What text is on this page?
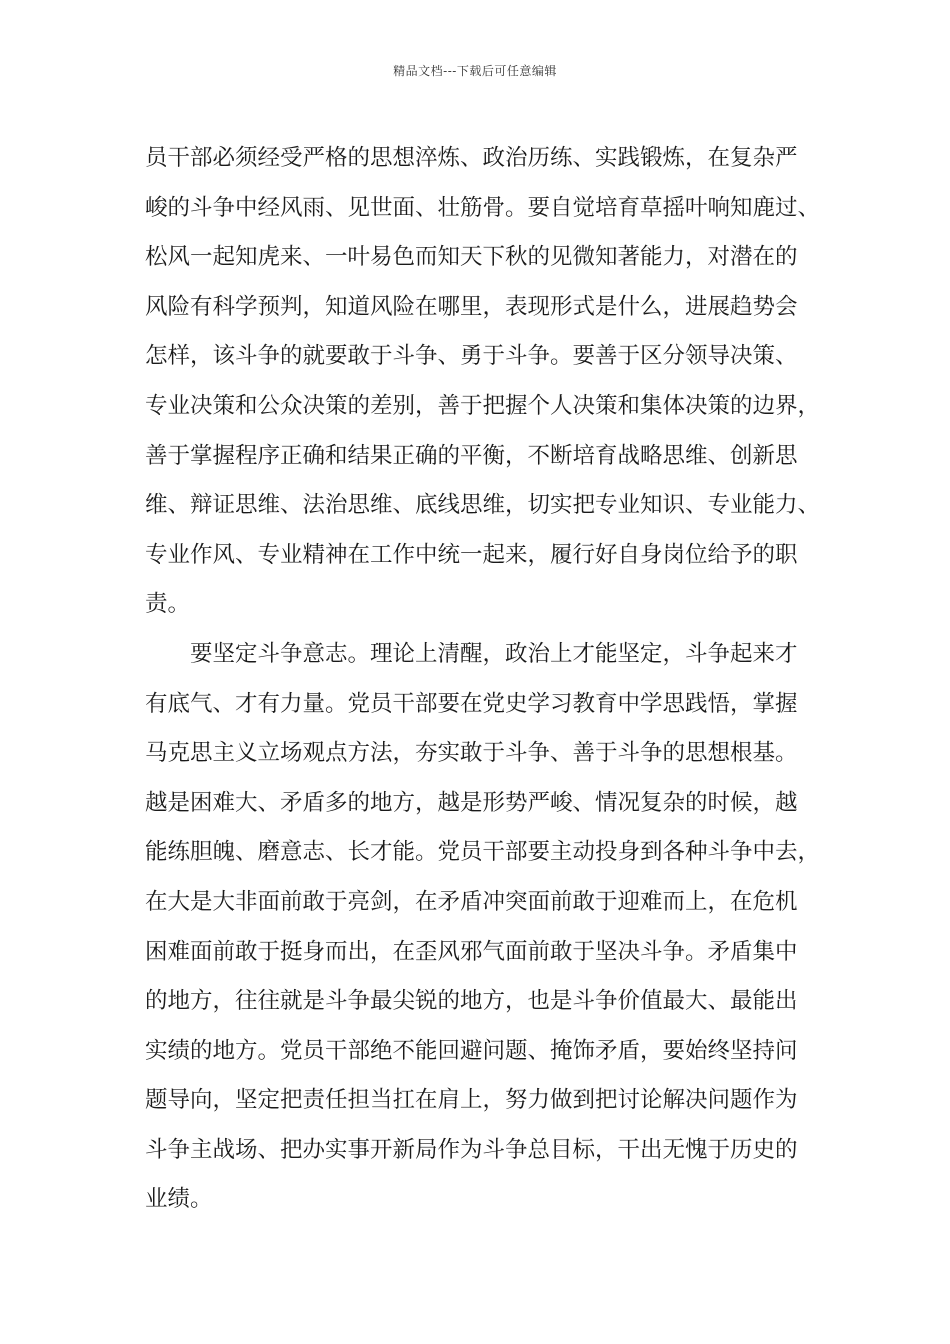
精品文档---下载后可任意编辑
员干部必须经受严格的思想淬炼、政治历练、实践锻炼，在复杂严
峻的斗争中经风雨、见世面、壮筋骨。要自觉培育草摇叶响知鹿过、
松风一起知虎来、一叶易色而知天下秋的见微知著能力，对潜在的
风险有科学预判，知道风险在哪里，表现形式是什么，进展趋势会
怎样，该斗争的就要敢于斗争、勇于斗争。要善于区分领导决策、
专业决策和公众决策的差别，善于把握个人决策和集体决策的边界，
善于掌握程序正确和结果正确的平衡，不断培育战略思维、创新思
维、辩证思维、法治思维、底线思维，切实把专业知识、专业能力、
专业作风、专业精神在工作中统一起来，履行好自身岗位给予的职
责。
要坚定斗争意志。理论上清醒，政治上才能坚定，斗争起来才
有底气、才有力量。党员干部要在党史学习教育中学思践悟，掌握
马克思主义立场观点方法，夯实敢于斗争、善于斗争的思想根基。
越是困难大、矛盾多的地方，越是形势严峻、情况复杂的时候，越
能练胆魄、磨意志、长才能。党员干部要主动投身到各种斗争中去，
在大是大非面前敢于亮剑，在矛盾冲突面前敢于迎难而上，在危机
困难面前敢于挺身而出，在歪风邪气面前敢于坚决斗争。矛盾集中
的地方，往往就是斗争最尖锐的地方，也是斗争价值最大、最能出
实绩的地方。党员干部绝不能回避问题、掩饰矛盾，要始终坚持问
题导向，坚定把责任担当扛在肩上，努力做到把讨论解决问题作为
斗争主战场、把办实事开新局作为斗争总目标，干出无愧于历史的
业绩。
